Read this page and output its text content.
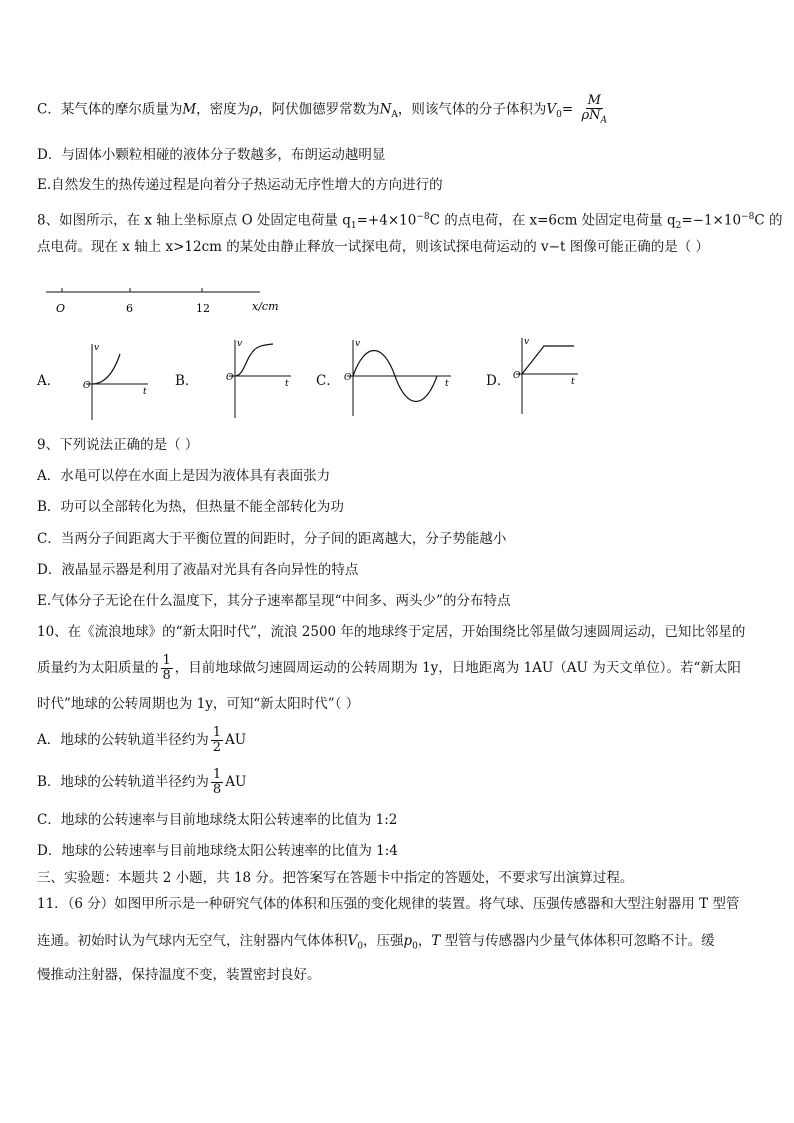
C．某气体的摩尔质量为M，密度为ρ，阿伏伽德罗常数为$N_A$，则该气体的分子体积为$V_0= \frac{M}{\rho N_A}$
D．与固体小颗粒相碰的液体分子数越多，布朗运动越明显
E.自然发生的热传递过程是向着分子热运动无序性增大的方向进行的
8、如图所示，在 x 轴上坐标原点 O 处固定电荷量 $q_1=+4\times 10^{-8}C$ 的点电荷，在 x=6cm 处固定电荷量 $q_2=-1\times 10^{-8}C$ 的
点电荷。现在 x 轴上 x>12cm 的某处由静止释放一试探电荷，则该试探电荷运动的 v−t 图像可能正确的是（ ）
O	6	12	x/cm
A．
v
O
t
B．
v
O
t C．
v
O
t	D．
v
O
t
9、下列说法正确的是（ ）
A．水黾可以停在水面上是因为液体具有表面张力
B．功可以全部转化为热，但热量不能全部转化为功
C．当两分子间距离大于平衡位置的间距时，分子间的距离越大，分子势能越小
D．液晶显示器是利用了液晶对光具有各向异性的特点
E.气体分子无论在什么温度下，其分子速率都呈现“中间多、两头少”的分布特点
10、在《流浪地球》的“新太阳时代”，流浪 2500 年的地球终于定居，开始围绕比邻星做匀速圆周运动，已知比邻星的
质量约为太阳质量的 $\frac{1}{8}$ ，目前地球做匀速圆周运动的公转周期为 1y，日地距离为 1AU（AU 为天文单位）。若“新太阳
时代”地球的公转周期也为 1y，可知“新太阳时代”（ ）
A．地球的公转轨道半径约为 $\frac{1}{2}$ AU
B．地球的公转轨道半径约为 $\frac{1}{8}$ AU
C．地球的公转速率与目前地球绕太阳公转速率的比值为 1:2
D．地球的公转速率与目前地球绕太阳公转速率的比值为 1:4
三、实验题：本题共 2 小题，共 18 分。把答案写在答题卡中指定的答题处，不要求写出演算过程。
11．（6 分）如图甲所示是一种研究气体的体积和压强的变化规律的装置。将气球、压强传感器和大型注射器用 T 型管
连通。初始时认为气球内无空气，注射器内气体体积$V_0$，压强$p_0$，T 型管与传感器内少量气体体积可忽略不计。缓
慢推动注射器，保持温度不变，装置密封良好。
